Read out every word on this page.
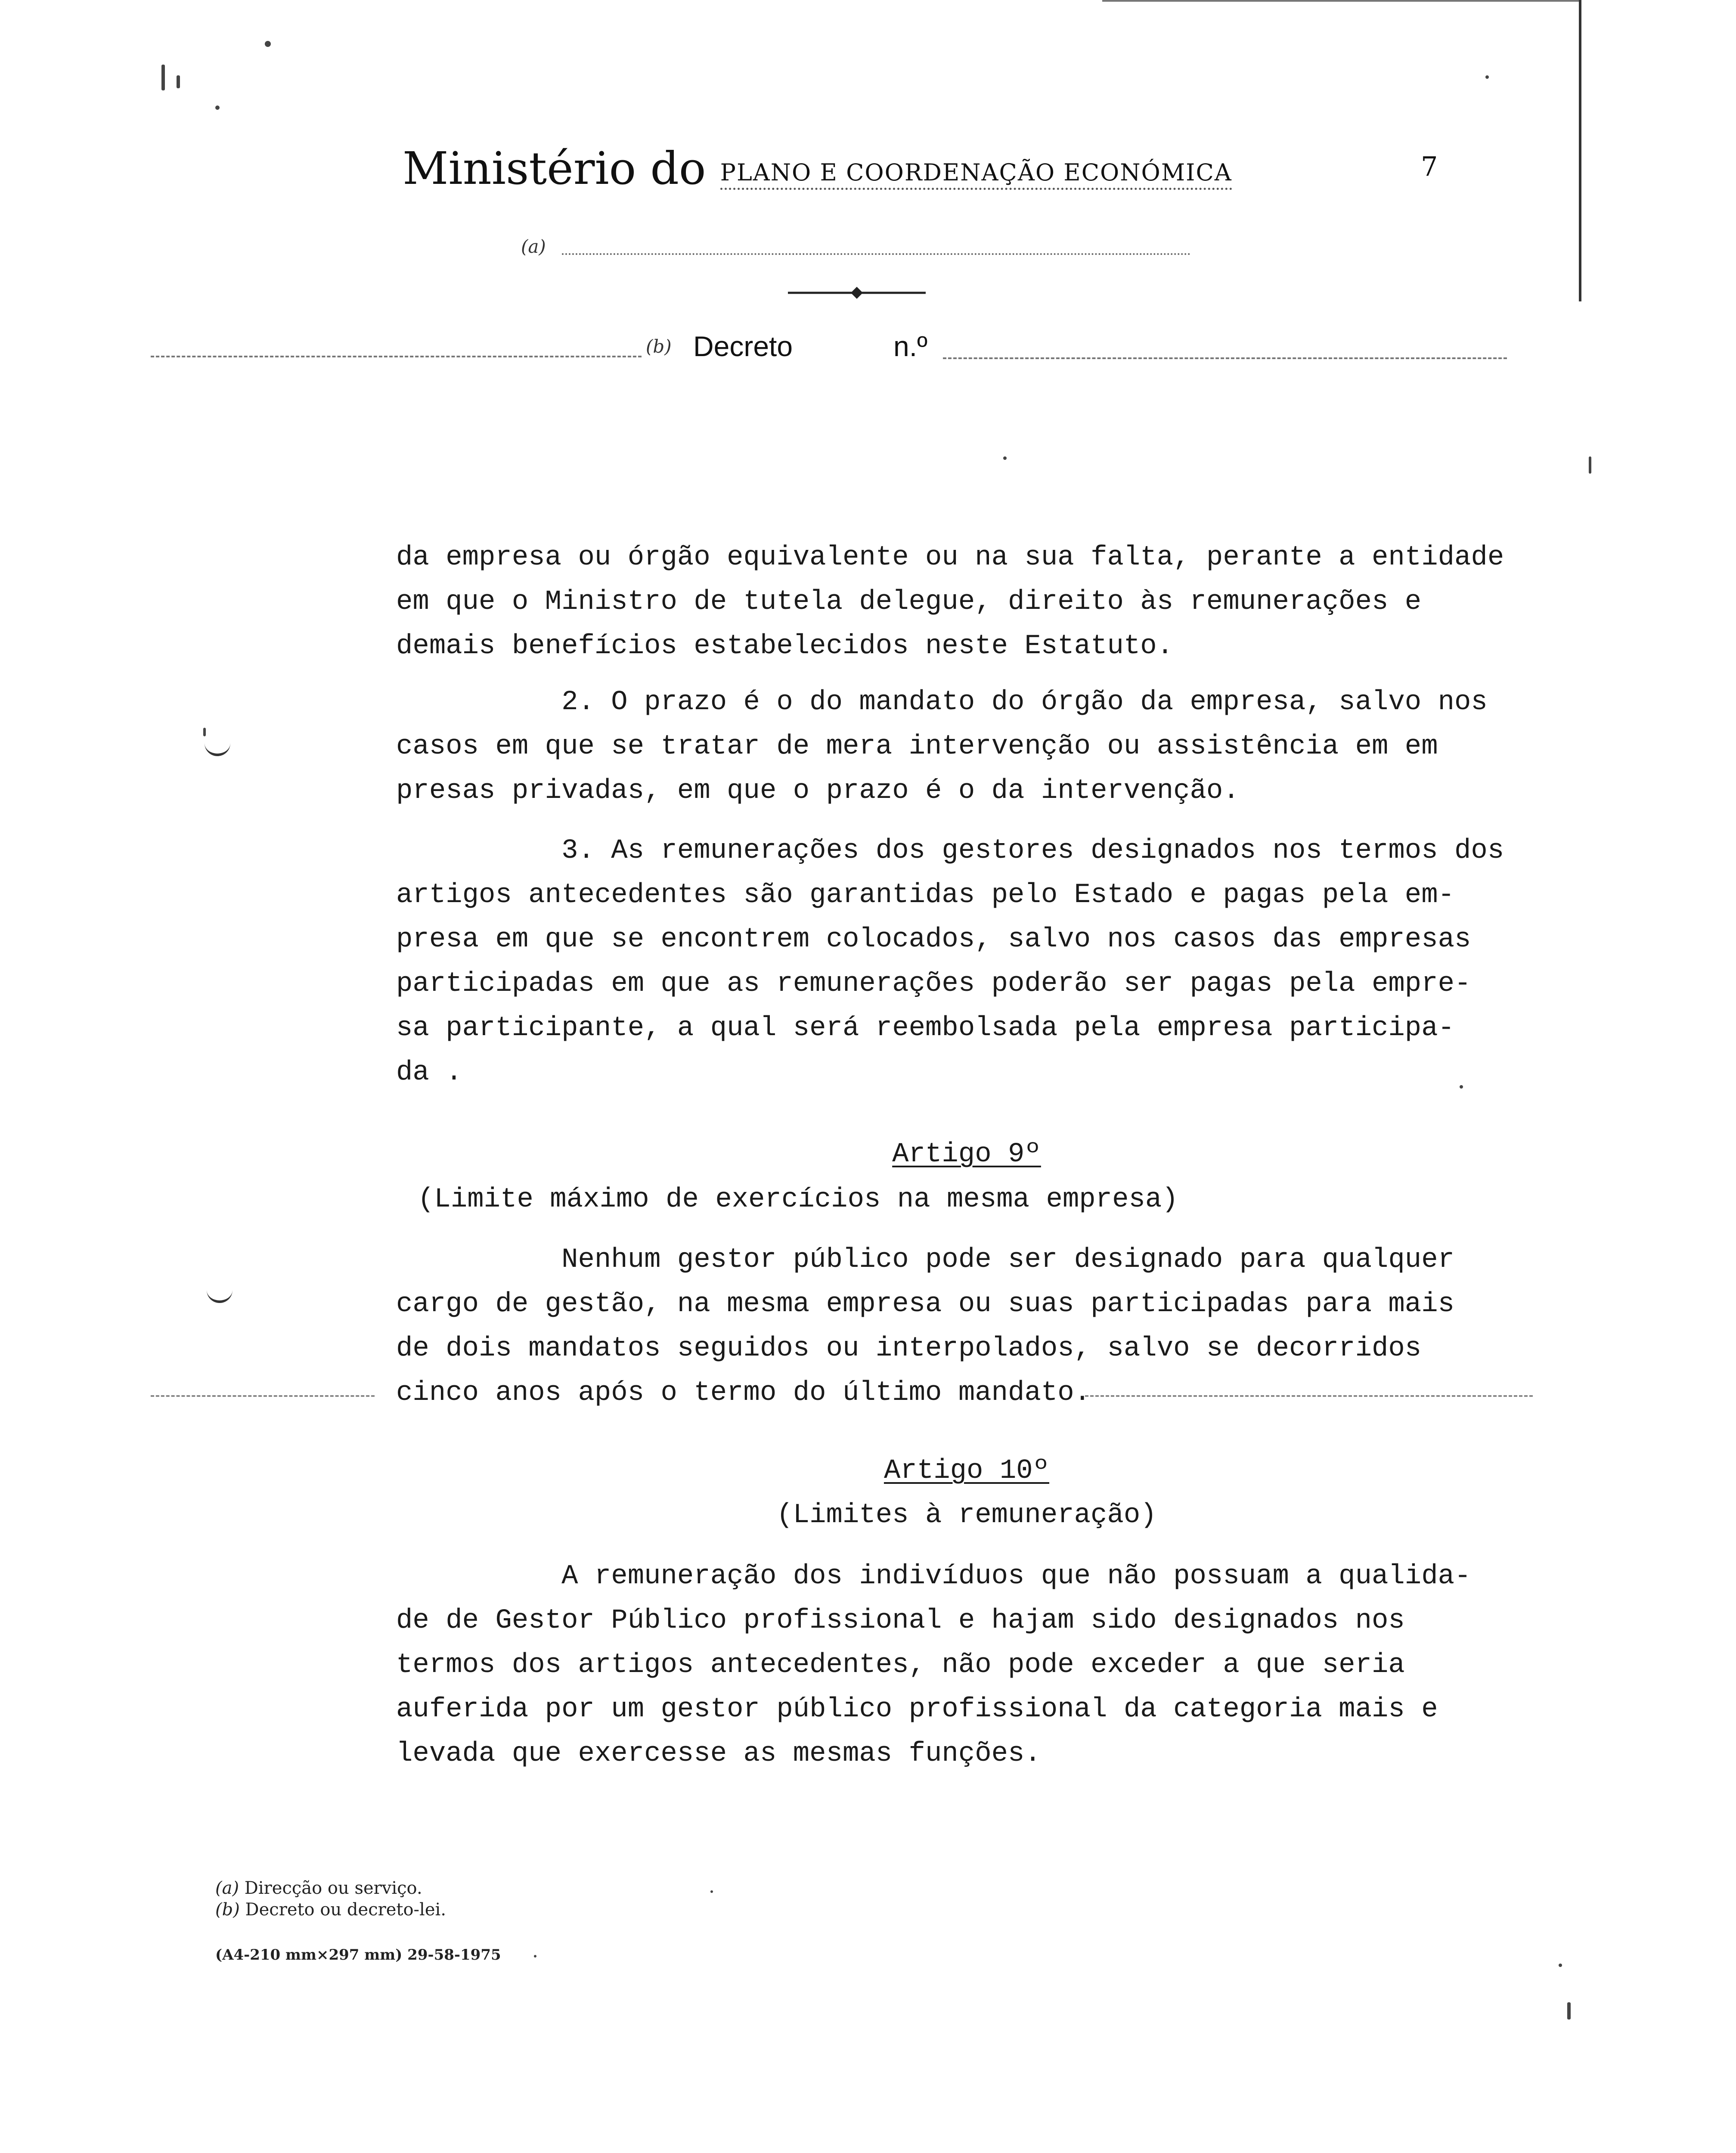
Ministério do PLANO E COORDENAÇÃO ECONÓMICA	7
(a)
(b) Decreto	n.º
da empresa ou órgão equivalente ou na sua falta, perante a entidade
em que o Ministro de tutela delegue, direito às remunerações e
demais benefícios estabelecidos neste Estatuto.
2. O prazo é o do mandato do órgão da empresa, salvo nos
casos em que se tratar de mera intervenção ou assistência em em
presas privadas, em que o prazo é o da intervenção.
3. As remunerações dos gestores designados nos termos dos
artigos antecedentes são garantidas pelo Estado e pagas pela em-
presa em que se encontrem colocados, salvo nos casos das empresas
participadas em que as remunerações poderão ser pagas pela empre-
sa participante, a qual será reembolsada pela empresa participa-
da .
Artigo 9º
(Limite máximo de exercícios na mesma empresa)
Nenhum gestor público pode ser designado para qualquer
cargo de gestão, na mesma empresa ou suas participadas para mais
de dois mandatos seguidos ou interpolados, salvo se decorridos
cinco anos após o termo do último mandato.
Artigo 10º
(Limites à remuneração)
A remuneração dos indivíduos que não possuam a qualida-
de de Gestor Público profissional e hajam sido designados nos
termos dos artigos antecedentes, não pode exceder a que seria
auferida por um gestor público profissional da categoria mais e
levada que exercesse as mesmas funções.
(a) Direcção ou serviço.
(b) Decreto ou decreto-lei.
(A4-210 mm×297 mm) 29-58-1975
